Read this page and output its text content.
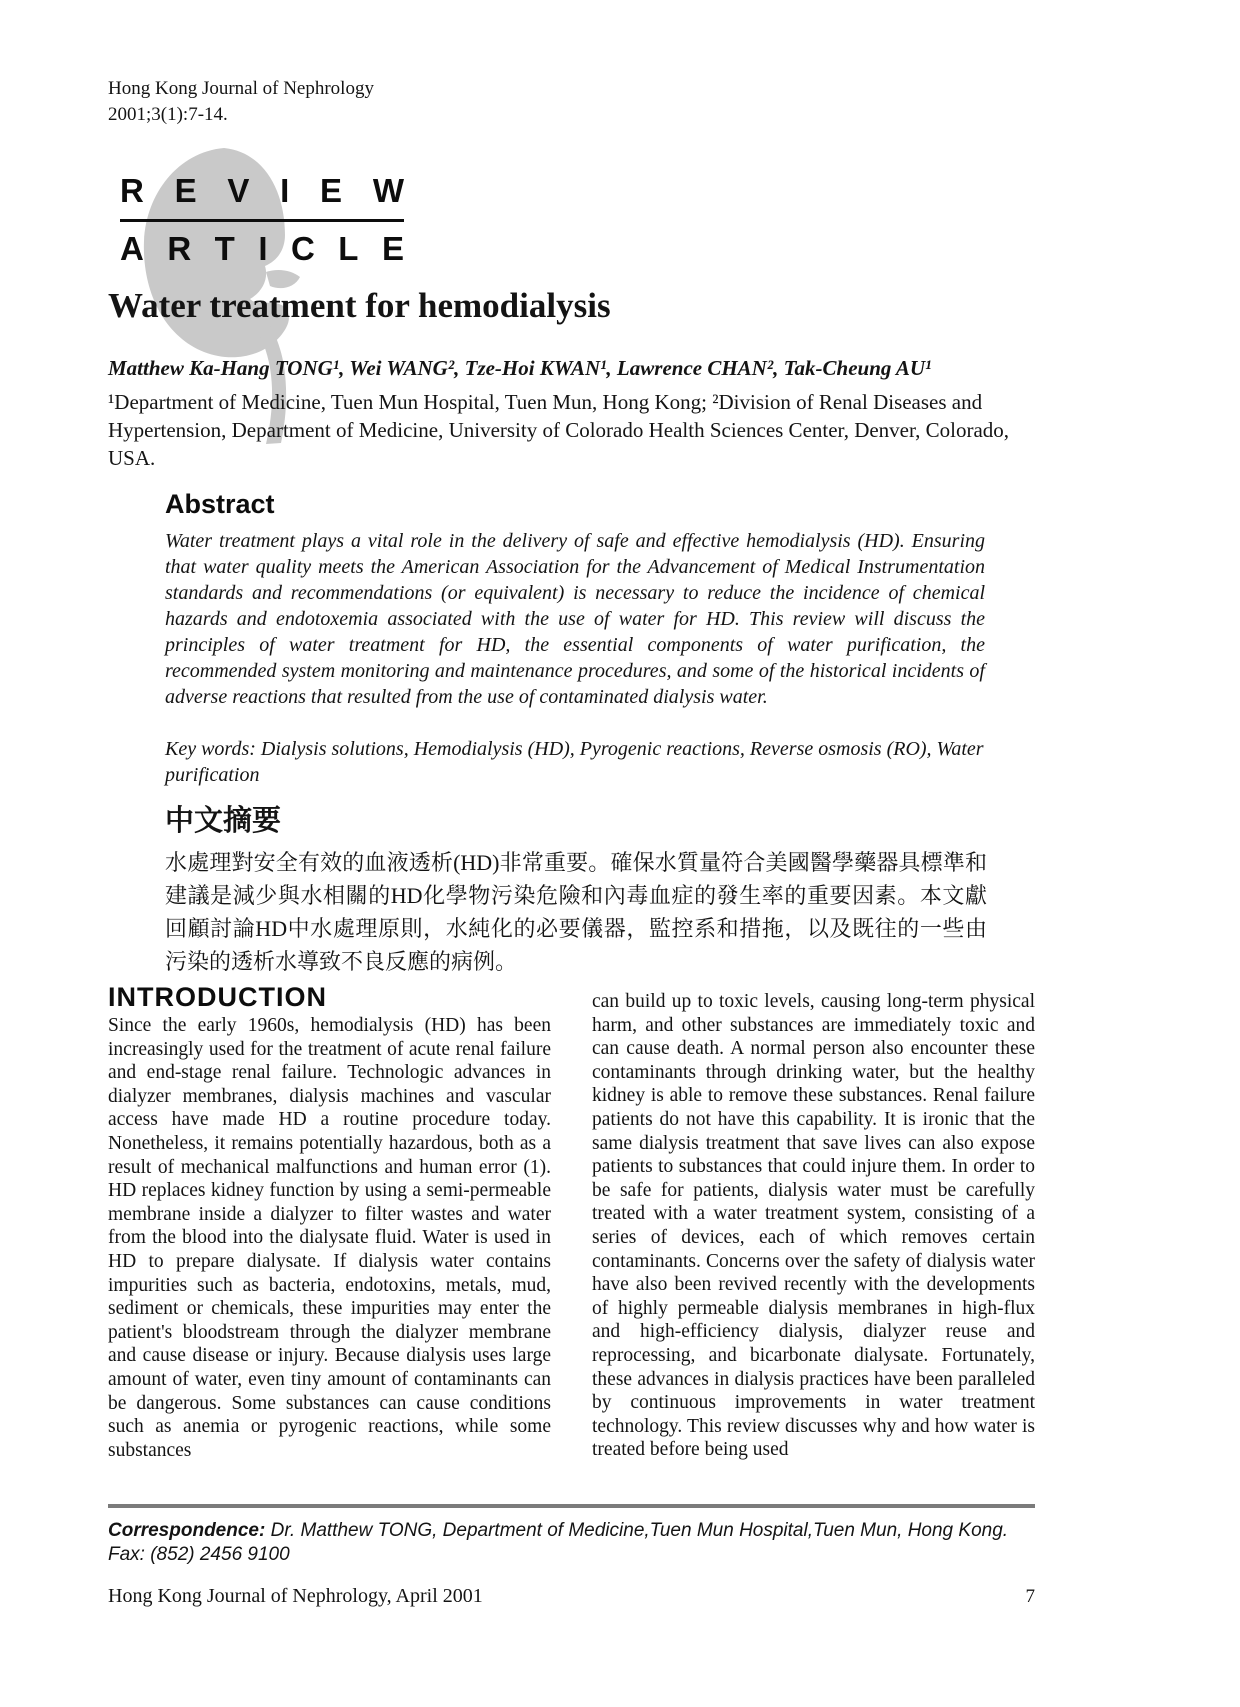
Hong Kong Journal of Nephrology
2001;3(1):7-14.
R E V I E W
A R T I C L E
Water treatment for hemodialysis
Matthew Ka-Hang TONG¹, Wei WANG², Tze-Hoi KWAN¹, Lawrence CHAN², Tak-Cheung AU¹
¹Department of Medicine, Tuen Mun Hospital, Tuen Mun, Hong Kong; ²Division of Renal Diseases and Hypertension, Department of Medicine, University of Colorado Health Sciences Center, Denver, Colorado, USA.
Abstract
Water treatment plays a vital role in the delivery of safe and effective hemodialysis (HD). Ensuring that water quality meets the American Association for the Advancement of Medical Instrumentation standards and recommendations (or equivalent) is necessary to reduce the incidence of chemical hazards and endotoxemia associated with the use of water for HD. This review will discuss the principles of water treatment for HD, the essential components of water purification, the recommended system monitoring and maintenance procedures, and some of the historical incidents of adverse reactions that resulted from the use of contaminated dialysis water.
Key words: Dialysis solutions, Hemodialysis (HD), Pyrogenic reactions, Reverse osmosis (RO), Water purification
中文摘要
水處理對安全有效的血液透析(HD)非常重要。確保水質量符合美國醫學藥器具標準和建議是減少與水相關的HD化學物污染危險和內毒血症的發生率的重要因素。本文獻回顧討論HD中水處理原則，水純化的必要儀器，監控系和措拖，以及既往的一些由污染的透析水導致不良反應的病例。
INTRODUCTION
Since the early 1960s, hemodialysis (HD) has been increasingly used for the treatment of acute renal failure and end-stage renal failure. Technologic advances in dialyzer membranes, dialysis machines and vascular access have made HD a routine procedure today. Nonetheless, it remains potentially hazardous, both as a result of mechanical malfunctions and human error (1). HD replaces kidney function by using a semi-permeable membrane inside a dialyzer to filter wastes and water from the blood into the dialysate fluid. Water is used in HD to prepare dialysate. If dialysis water contains impurities such as bacteria, endotoxins, metals, mud, sediment or chemicals, these impurities may enter the patient's bloodstream through the dialyzer membrane and cause disease or injury. Because dialysis uses large amount of water, even tiny amount of contaminants can be dangerous. Some substances can cause conditions such as anemia or pyrogenic reactions, while some substances
can build up to toxic levels, causing long-term physical harm, and other substances are immediately toxic and can cause death. A normal person also encounter these contaminants through drinking water, but the healthy kidney is able to remove these substances. Renal failure patients do not have this capability. It is ironic that the same dialysis treatment that save lives can also expose patients to substances that could injure them. In order to be safe for patients, dialysis water must be carefully treated with a water treatment system, consisting of a series of devices, each of which removes certain contaminants. Concerns over the safety of dialysis water have also been revived recently with the developments of highly permeable dialysis membranes in high-flux and high-efficiency dialysis, dialyzer reuse and reprocessing, and bicarbonate dialysate. Fortunately, these advances in dialysis practices have been paralleled by continuous improvements in water treatment technology. This review discusses why and how water is treated before being used
Correspondence: Dr. Matthew TONG, Department of Medicine,Tuen Mun Hospital,Tuen Mun, Hong Kong. Fax: (852) 2456 9100
Hong Kong Journal of Nephrology, April 2001	7
